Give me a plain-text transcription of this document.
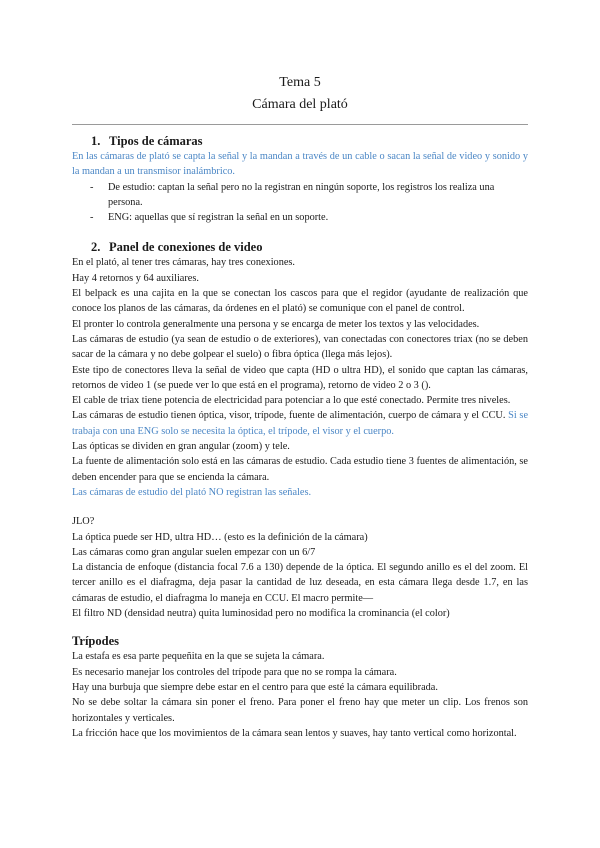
Tema 5
Cámara del plató
1. Tipos de cámaras

En las cámaras de plató se capta la señal y la mandan a través de un cable o sacan la señal de video y sonido y la mandan a un transmisor inalámbrico.

- De estudio: captan la señal pero no la registran en ningún soporte, los registros los realiza una persona.
- ENG: aquellas que sí registran la señal en un soporte.
2. Panel de conexiones de video

En el plató, al tener tres cámaras, hay tres conexiones.

Hay 4 retornos y 64 auxiliares.

El belpack es una cajita en la que se conectan los cascos para que el regidor (ayudante de realización que conoce los planos de las cámaras, da órdenes en el plató) se comunique con el panel de control.

El pronter lo controla generalmente una persona y se encarga de meter los textos y las velocidades.

Las cámaras de estudio (ya sean de estudio o de exteriores), van conectadas con conectores triax (no se deben sacar de la cámara y no debe golpear el suelo) o fibra óptica (llega más lejos).

Este tipo de conectores lleva la señal de video que capta (HD o ultra HD), el sonido que captan las cámaras, retornos de video 1 (se puede ver lo que está en el programa), retorno de video 2 o 3 ().

El cable de triax tiene potencia de electricidad para potenciar a lo que esté conectado. Permite tres niveles.

Las cámaras de estudio tienen óptica, visor, trípode, fuente de alimentación, cuerpo de cámara y el CCU. Si se trabaja con una ENG solo se necesita la óptica, el trípode, el visor y el cuerpo.

Las ópticas se dividen en gran angular (zoom) y tele.

La fuente de alimentación solo está en las cámaras de estudio. Cada estudio tiene 3 fuentes de alimentación, se deben encender para que se encienda la cámara.

Las cámaras de estudio del plató NO registran las señales.

JLO?

La óptica puede ser HD, ultra HD… (esto es la definición de la cámara)

Las cámaras como gran angular suelen empezar con un 6/7

La distancia de enfoque (distancia focal 7.6 a 130) depende de la óptica. El segundo anillo es el del zoom. El tercer anillo es el diafragma, deja pasar la cantidad de luz deseada, en esta cámara llega desde 1.7, en las cámaras de estudio, el diafragma lo maneja en CCU. El macro permite—

El filtro ND (densidad neutra) quita luminosidad pero no modifica la crominancia (el color)

Trípodes

La estafa es esa parte pequeñita en la que se sujeta la cámara.

Es necesario manejar los controles del trípode para que no se rompa la cámara.

Hay una burbuja que siempre debe estar en el centro para que esté la cámara equilibrada.

No se debe soltar la cámara sin poner el freno. Para poner el freno hay que meter un clip. Los frenos son horizontales y verticales.

La fricción hace que los movimientos de la cámara sean lentos y suaves, hay tanto vertical como horizontal.
